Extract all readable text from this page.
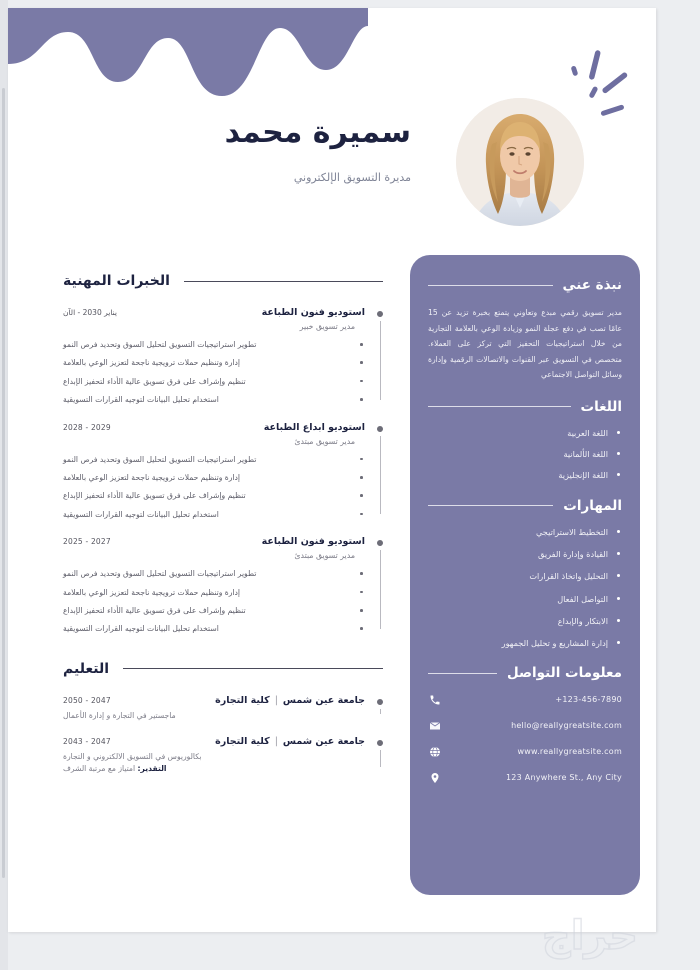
سميرة محمد
مديرة التسويق الإلكتروني
نبذة عني
مدير تسويق رقمي مبدع وتعاوني يتمتع بخبرة تزيد عن 15 عامًا تصب في دفع عجلة النمو وزيادة الوعي بالعلامة التجارية من خلال استراتيجيات التحفيز التي تركز على العملاء. متخصص في التسويق عبر القنوات والاتصالات الرقمية وإدارة وسائل التواصل الاجتماعي
اللغات
اللغة العربية
اللغة الألمانية
اللغة الإنجليزية
المهارات
التخطيط الاستراتيجي
القيادة وإدارة الفريق
التحليل واتخاذ القرارات
التواصل الفعال
الابتكار والإبداع
إدارة المشاريع و تحليل الجمهور
معلومات التواصل
+123-456-7890
hello@reallygreatsite.com
www.reallygreatsite.com
123 Anywhere St., Any City
الخبرات المهنية
استوديو فنون الطباعة
يناير 2030 - الآن
مدير تسويق خبير
تطوير استراتيجيات التسويق لتحليل السوق وتحديد فرص النمو
إدارة وتنظيم حملات ترويجية ناجحة لتعزيز الوعي بالعلامة
تنظيم وإشراف على فرق تسويق عالية الأداء لتحفيز الإبداع
استخدام تحليل البيانات لتوجيه القرارات التسويقية
استوديو ابداع الطباعة
2028 - 2029
مدير تسويق مبتدئ
تطوير استراتيجيات التسويق لتحليل السوق وتحديد فرص النمو
إدارة وتنظيم حملات ترويجية ناجحة لتعزيز الوعي بالعلامة
تنظيم وإشراف على فرق تسويق عالية الأداء لتحفيز الإبداع
استخدام تحليل البيانات لتوجيه القرارات التسويقية
استوديو فنون الطباعة
2025 - 2027
مدير تسويق مبتدئ
تطوير استراتيجيات التسويق لتحليل السوق وتحديد فرص النمو
إدارة وتنظيم حملات ترويجية ناجحة لتعزيز الوعي بالعلامة
تنظيم وإشراف على فرق تسويق عالية الأداء لتحفيز الإبداع
استخدام تحليل البيانات لتوجيه القرارات التسويقية
التعليم
جامعة عين شمس|كلية التجارة
2050 - 2047
ماجستير في التجارة و إدارة الأعمال
جامعة عين شمس|كلية التجارة
2043 - 2047
بكالوريوس في التسويق الالكتروني و التجارة
التقدير: امتياز مع مرتبة الشرف
حراج
